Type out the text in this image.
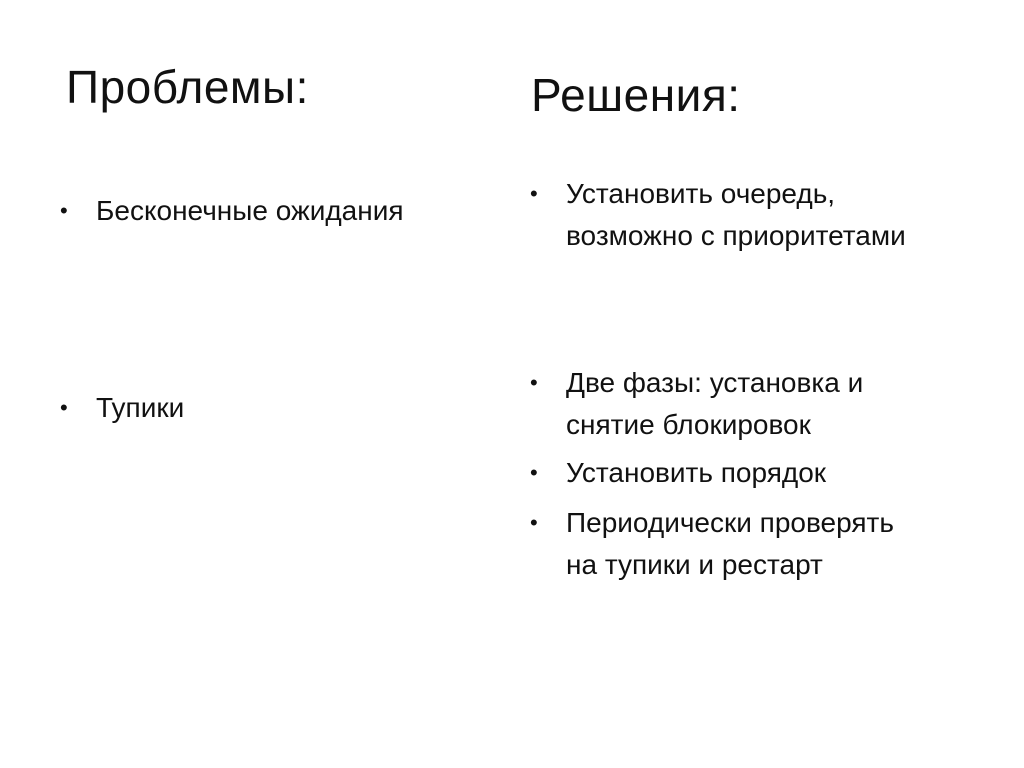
Проблемы:	Решения:
•	Бесконечные ожидания
•	Тупики
•	Установить очередь,
возможно с приоритетами
•	Две фазы: установка и
снятие блокировок
•	Установить порядок
•	Периодически проверять
на тупики и рестарт
